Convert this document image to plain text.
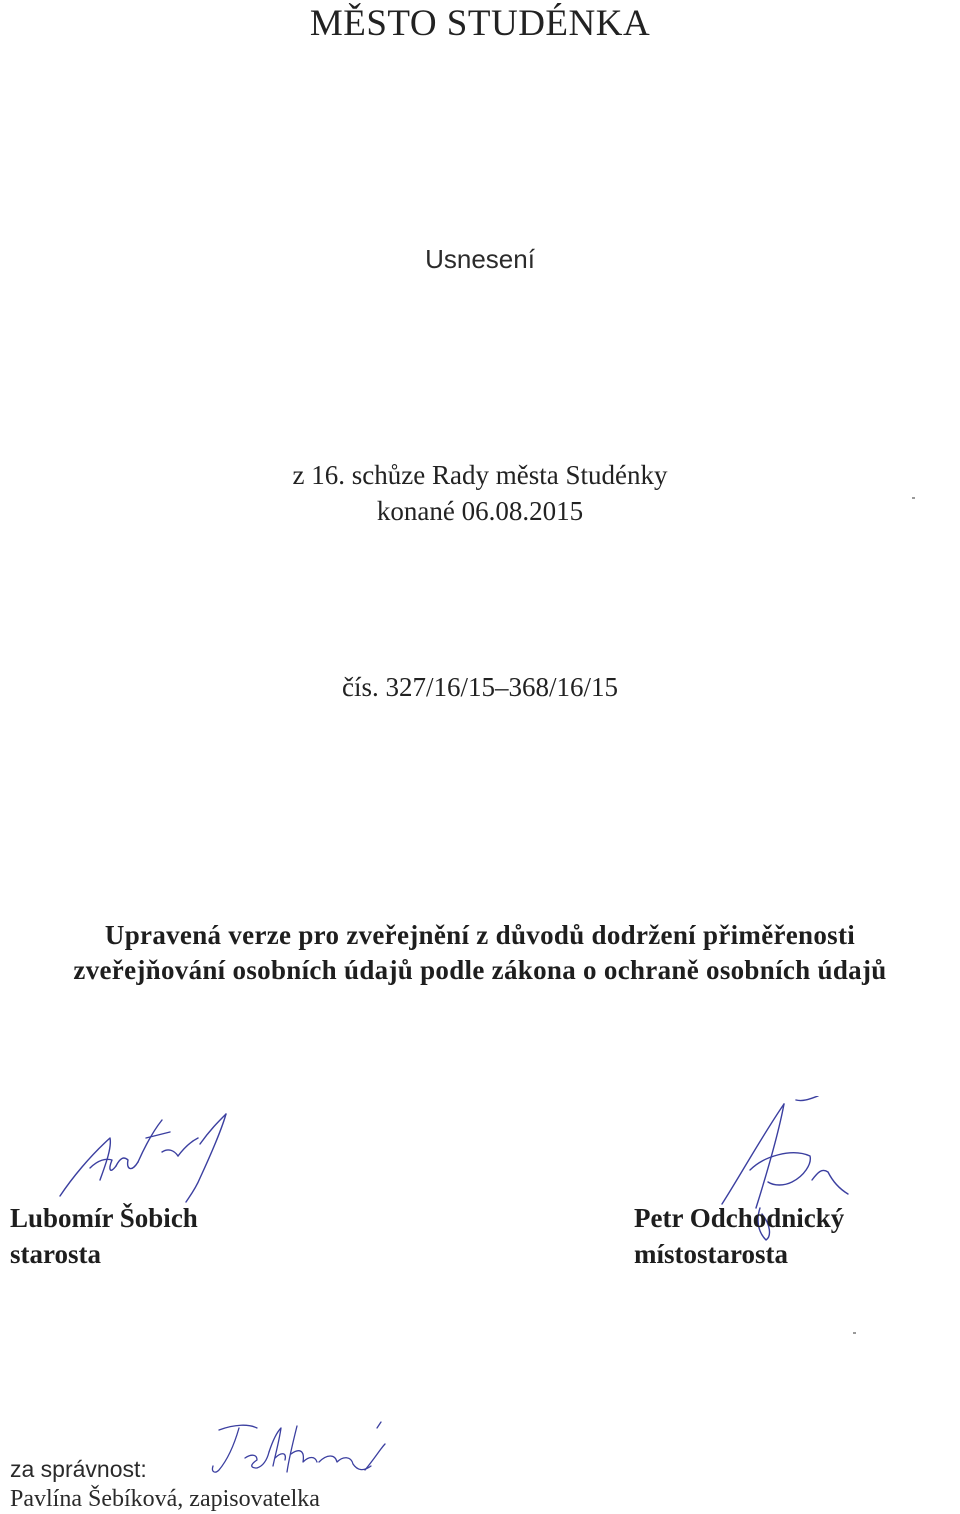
MĚSTO STUDÉNKA
Usnesení
z 16. schůze Rady města Studénky
konané 06.08.2015
čís. 327/16/15–368/16/15
Upravená verze pro zveřejnění z důvodů dodržení přiměřenosti
zveřejňování osobních údajů podle zákona o ochraně osobních údajů
Lubomír Šobich
starosta
Petr Odchodnický
místostarosta
za správnost:
Pavlína Šebíková, zapisovatelka
